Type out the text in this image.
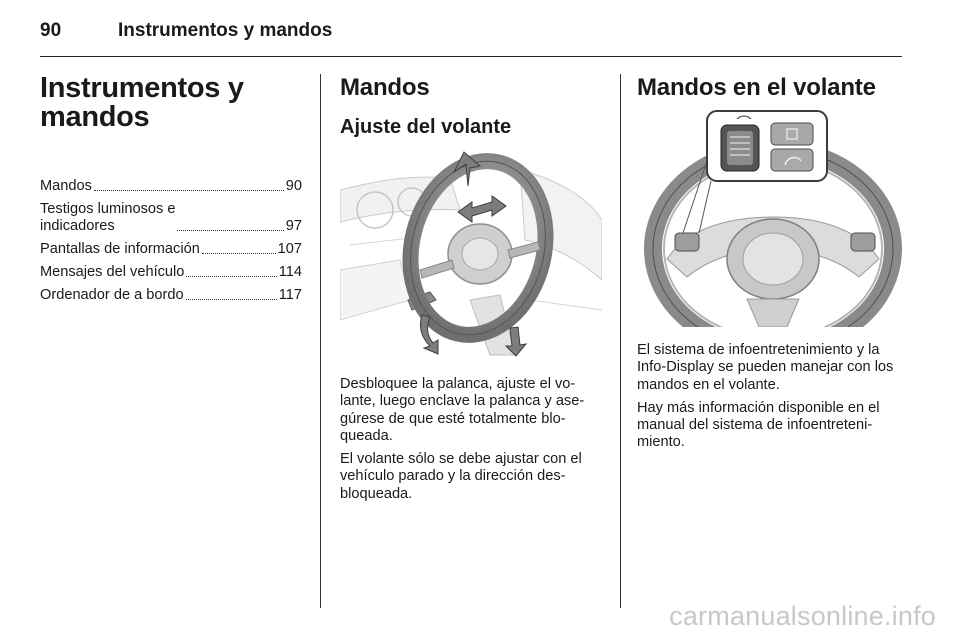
90	Instrumentos y mandos
Instrumentos y
mandos
Mandos	90
Testigos luminosos e
indicadores	97
Pantallas de información	107
Mensajes del vehículo	114
Ordenador de a bordo	117
Mandos
Ajuste del volante

Desbloquee la palanca, ajuste el vo-lante, luego enclave la palanca y ase-gúrese de que esté totalmente blo-queada.

El volante sólo se debe ajustar con el vehículo parado y la dirección des-bloqueada.

Mandos en el volante

El sistema de infoentretenimiento y la Info-Display se pueden manejar con los mandos en el volante.

Hay más información disponible en el manual del sistema de infoentreteni-miento.

carmanualsonline.info
